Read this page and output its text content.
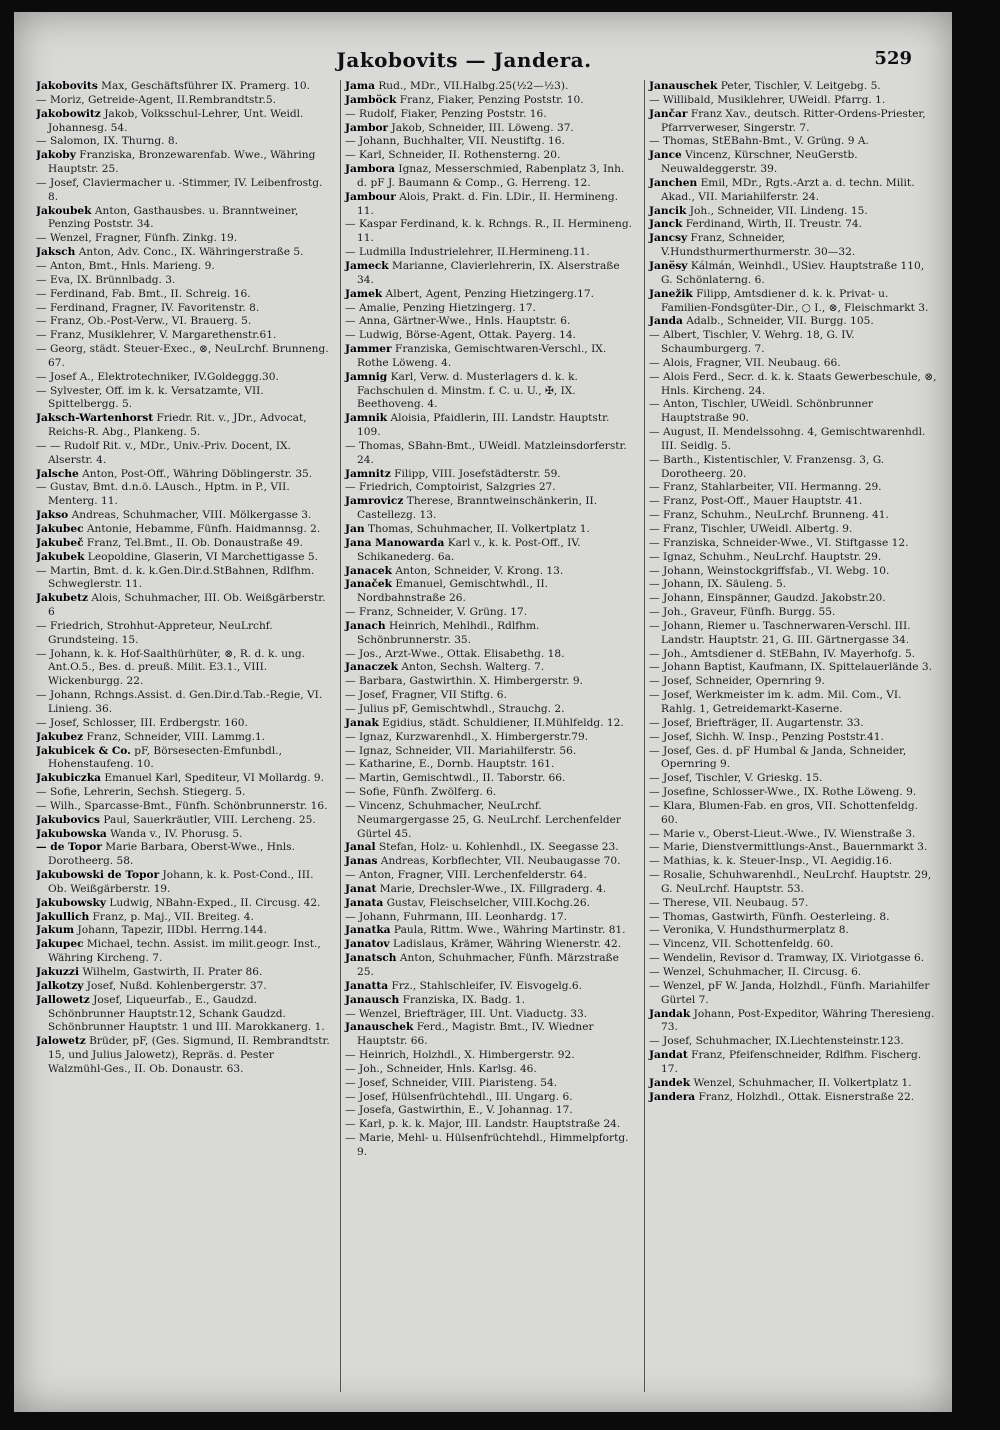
Jakobovits — Jandera.	529

Jakobovits Max, Geschäftsführer IX. Pramerg. 10.

— Moriz, Getreide-Agent, II.Rembrandtstr.5.

Jakobowitz Jakob, Volksschul-Lehrer, Unt. Weidl. Johannesg. 54.

— Salomon, IX. Thurng. 8.

Jakoby Franziska, Bronzewarenfab. Wwe., Währing Hauptstr. 25.

— Josef, Claviermacher u. -Stimmer, IV. Leibenfrostg. 8.

Jakoubek Anton, Gasthausbes. u. Branntweiner, Penzing Poststr. 34.

— Wenzel, Fragner, Fünfh. Zinkg. 19.

Jaksch Anton, Adv. Conc., IX. Währingerstraße 5.

— Anton, Bmt., Hnls. Marieng. 9.

— Eva, IX. Brünnlbadg. 3.

— Ferdinand, Fab. Bmt., II. Schreig. 16.

— Ferdinand, Fragner, IV. Favoritenstr. 8.

— Franz, Ob.-Post-Verw., VI. Brauerg. 5.

— Franz, Musiklehrer, V. Margarethenstr.61.

— Georg, städt. Steuer-Exec., ⊗, NeuLrchf. Brunneng. 67.

— Josef A., Elektrotechniker, IV.Goldeggg.30.

— Sylvester, Off. im k. k. Versatzamte, VII. Spittelbergg. 5.

Jaksch-Wartenhorst Friedr. Rit. v., JDr., Advocat, Reichs-R. Abg., Plankeng. 5.

— — Rudolf Rit. v., MDr., Univ.-Priv. Docent, IX. Alserstr. 4.

Jalsche Anton, Post-Off., Währing Döblingerstr. 35.

— Gustav, Bmt. d.n.ö. LAusch., Hptm. in P., VII. Menterg. 11.

Jakso Andreas, Schuhmacher, VIII. Mölkergasse 3.

Jakubec Antonie, Hebamme, Fünfh. Haidmannsg. 2.

Jakubeč Franz, Tel.Bmt., II. Ob. Donaustraße 49.

Jakubek Leopoldine, Glaserin, VI Marchettigasse 5.

— Martin, Bmt. d. k. k.Gen.Dir.d.StBahnen, Rdlfhm. Schweglerstr. 11.

Jakubetz Alois, Schuhmacher, III. Ob. Weißgärberstr. 6

— Friedrich, Strohhut-Appreteur, NeuLrchf. Grundsteing. 15.

— Johann, k. k. Hof-Saalthürhüter, ⊗, R. d. k. ung. Ant.O.5., Bes. d. preuß. Milit. E3.1., VIII. Wickenburgg. 22.

— Johann, Rchngs.Assist. d. Gen.Dir.d.Tab.-Regie, VI. Linieng. 36.

— Josef, Schlosser, III. Erdbergstr. 160.

Jakubez Franz, Schneider, VIII. Lammg.1.

Jakubicek & Co. pF, Börsesecten-Emfunbdl., Hohenstaufeng. 10.

Jakubiczka Emanuel Karl, Spediteur, VI Mollardg. 9.

— Sofie, Lehrerin, Sechsh. Stiegerg. 5.

— Wilh., Sparcasse-Bmt., Fünfh. Schönbrunnerstr. 16.

Jakubovics Paul, Sauerkräutler, VIII. Lercheng. 25.

Jakubowska Wanda v., IV. Phorusg. 5.

— de Topor Marie Barbara, Oberst-Wwe., Hnls. Dorotheerg. 58.

Jakubowski de Topor Johann, k. k. Post-Cond., III. Ob. Weißgärberstr. 19.

Jakubowsky Ludwig, NBahn-Exped., II. Circusg. 42.

Jakullich Franz, p. Maj., VII. Breiteg. 4.

Jakum Johann, Tapezir, IIDbl. Herrng.144.

Jakupec Michael, techn. Assist. im milit.geogr. Inst., Währing Kircheng. 7.

Jakuzzi Wilhelm, Gastwirth, II. Prater 86.

Jalkotzy Josef, Nußd. Kohlenbergerstr. 37.

Jallowetz Josef, Liqueurfab., E., Gaudzd. Schönbrunner Hauptstr.12, Schank Gaudzd. Schönbrunner Hauptstr. 1 und III. Marokkanerg. 1.

Jalowetz Brüder, pF, (Ges. Sigmund, II. Rembrandtstr. 15, und Julius Jalowetz), Repräs. d. Pester Walzmühl-Ges., II. Ob. Donaustr. 63.

Jama Rud., MDr., VII.Halbg.25(½2—½3).

Jamböck Franz, Fiaker, Penzing Poststr. 10.

— Rudolf, Fiaker, Penzing Poststr. 16.

Jambor Jakob, Schneider, III. Löweng. 37.

— Johann, Buchhalter, VII. Neustiftg. 16.

— Karl, Schneider, II. Rothensterng. 20.

Jambora Ignaz, Messerschmied, Rabenplatz 3, Inh. d. pF J. Baumann & Comp., G. Herreng. 12.

Jambour Alois, Prakt. d. Fin. LDir., II. Hermineng. 11.

— Kaspar Ferdinand, k. k. Rchngs. R., II. Hermineng. 11.

— Ludmilla Industrielehrer, II.Hermineng.11.

Jameck Marianne, Clavierlehrerin, IX. Alserstraße 34.

Jamek Albert, Agent, Penzing Hietzingerg.17.

— Amalie, Penzing Hietzingerg. 17.

— Anna, Gärtner-Wwe., Hnls. Hauptstr. 6.

— Ludwig, Börse-Agent, Ottak. Payerg. 14.

Jammer Franziska, Gemischtwaren-Verschl., IX. Rothe Löweng. 4.

Jamnig Karl, Verw. d. Musterlagers d. k. k. Fachschulen d. Minstm. f. C. u. U., ✠, IX. Beethoveng. 4.

Jamnik Aloisia, Pfaidlerin, III. Landstr. Hauptstr. 109.

— Thomas, SBahn-Bmt., UWeidl. Matzleinsdorferstr. 24.

Jamnitz Filipp, VIII. Josefstädterstr. 59.

— Friedrich, Comptoirist, Salzgries 27.

Jamrovicz Therese, Branntweinschänkerin, II. Castellezg. 13.

Jan Thomas, Schuhmacher, II. Volkertplatz 1.

Jana Manowarda Karl v., k. k. Post-Off., IV. Schikanederg. 6a.

Janacek Anton, Schneider, V. Krong. 13.

Janaček Emanuel, Gemischtwhdl., II. Nordbahnstraße 26.

— Franz, Schneider, V. Grüng. 17.

Janach Heinrich, Mehlhdl., Rdlfhm. Schönbrunnerstr. 35.

— Jos., Arzt-Wwe., Ottak. Elisabethg. 18.

Janaczek Anton, Sechsh. Walterg. 7.

— Barbara, Gastwirthin. X. Himbergerstr. 9.

— Josef, Fragner, VII Stiftg. 6.

— Julius pF, Gemischtwhdl., Strauchg. 2.

Janak Egidius, städt. Schuldiener, II.Mühlfeldg. 12.

— Ignaz, Kurzwarenhdl., X. Himbergerstr.79.

— Ignaz, Schneider, VII. Mariahilferstr. 56.

— Katharine, E., Dornb. Hauptstr. 161.

— Martin, Gemischtwdl., II. Taborstr. 66.

— Sofie, Fünfh. Zwölferg. 6.

— Vincenz, Schuhmacher, NeuLrchf. Neumargergasse 25, G. NeuLrchf. Lerchenfelder Gürtel 45.

Janal Stefan, Holz- u. Kohlenhdl., IX. Seegasse 23.

Janas Andreas, Korbflechter, VII. Neubaugasse 70.

— Anton, Fragner, VIII. Lerchenfelderstr. 64.

Janat Marie, Drechsler-Wwe., IX. Fillgraderg. 4.

Janata Gustav, Fleischselcher, VIII.Kochg.26.

— Johann, Fuhrmann, III. Leonhardg. 17.

Janatka Paula, Rittm. Wwe., Währing Martinstr. 81.

Janatov Ladislaus, Krämer, Währing Wienerstr. 42.

Janatsch Anton, Schuhmacher, Fünfh. Märzstraße 25.

Janatta Frz., Stahlschleifer, IV. Eisvogelg.6.

Janausch Franziska, IX. Badg. 1.

— Wenzel, Briefträger, III. Unt. Viaductg. 33.

Janauschek Ferd., Magistr. Bmt., IV. Wiedner Hauptstr. 66.

— Heinrich, Holzhdl., X. Himbergerstr. 92.

— Joh., Schneider, Hnls. Karlsg. 46.

— Josef, Schneider, VIII. Piaristeng. 54.

— Josef, Hülsenfrüchtehdl., III. Ungarg. 6.

— Josefa, Gastwirthin, E., V. Johannag. 17.

— Karl, p. k. k. Major, III. Landstr. Hauptstraße 24.

— Marie, Mehl- u. Hülsenfrüchtehdl., Himmelpfortg. 9.

Janauschek Peter, Tischler, V. Leitgebg. 5.

— Willibald, Musiklehrer, UWeidl. Pfarrg. 1.

Jančar Franz Xav., deutsch. Ritter-Ordens-Priester, Pfarrverweser, Singerstr. 7.

— Thomas, StEBahn-Bmt., V. Grüng. 9 A.

Jance Vincenz, Kürschner, NeuGerstb. Neuwaldeggerstr. 39.

Janchen Emil, MDr., Rgts.-Arzt a. d. techn. Milit. Akad., VII. Mariahilferstr. 24.

Jancik Joh., Schneider, VII. Lindeng. 15.

Janck Ferdinand, Wirth, II. Treustr. 74.

Jancsy Franz, Schneider, V.Hundsthurmerthurmerstr. 30—32.

Janësy Kálmán, Weinhdl., USiev. Hauptstraße 110, G. Schönlaterng. 6.

Janežik Filipp, Amtsdiener d. k. k. Privat- u. Familien-Fondsgüter-Dir., ○ I., ⊗, Fleischmarkt 3.

Janda Adalb., Schneider, VII. Burgg. 105.

— Albert, Tischler, V. Wehrg. 18, G. IV. Schaumburgerg. 7.

— Alois, Fragner, VII. Neubaug. 66.

— Alois Ferd., Secr. d. k. k. Staats Gewerbeschule, ⊗, Hnls. Kircheng. 24.

— Anton, Tischler, UWeidl. Schönbrunner Hauptstraße 90.

— August, II. Mendelssohng. 4, Gemischtwarenhdl. III. Seidlg. 5.

— Barth., Kistentischler, V. Franzensg. 3, G. Dorotheerg. 20.

— Franz, Stahlarbeiter, VII. Hermanng. 29.

— Franz, Post-Off., Mauer Hauptstr. 41.

— Franz, Schuhm., NeuLrchf. Brunneng. 41.

— Franz, Tischler, UWeidl. Albertg. 9.

— Franziska, Schneider-Wwe., VI. Stiftgasse 12.

— Ignaz, Schuhm., NeuLrchf. Hauptstr. 29.

— Johann, Weinstockgriffsfab., VI. Webg. 10.

— Johann, IX. Säuleng. 5.

— Johann, Einspänner, Gaudzd. Jakobstr.20.

— Joh., Graveur, Fünfh. Burgg. 55.

— Johann, Riemer u. Taschnerwaren-Verschl. III. Landstr. Hauptstr. 21, G. III. Gärtnergasse 34.

— Joh., Amtsdiener d. StEBahn, IV. Mayerhofg. 5.

— Johann Baptist, Kaufmann, IX. Spittelauerlände 3.

— Josef, Schneider, Opernring 9.

— Josef, Werkmeister im k. adm. Mil. Com., VI. Rahlg. 1, Getreidemarkt-Kaserne.

— Josef, Briefträger, II. Augartenstr. 33.

— Josef, Sichh. W. Insp., Penzing Poststr.41.

— Josef, Ges. d. pF Humbal & Janda, Schneider, Opernring 9.

— Josef, Tischler, V. Grieskg. 15.

— Josefine, Schlosser-Wwe., IX. Rothe Löweng. 9.

— Klara, Blumen-Fab. en gros, VII. Schottenfeldg. 60.

— Marie v., Oberst-Lieut.-Wwe., IV. Wienstraße 3.

— Marie, Dienstvermittlungs-Anst., Bauernmarkt 3.

— Mathias, k. k. Steuer-Insp., VI. Aegidig.16.

— Rosalie, Schuhwarenhdl., NeuLrchf. Hauptstr. 29, G. NeuLrchf. Hauptstr. 53.

— Therese, VII. Neubaug. 57.

— Thomas, Gastwirth, Fünfh. Oesterleing. 8.

— Veronika, V. Hundsthurmerplatz 8.

— Vincenz, VII. Schottenfeldg. 60.

— Wendelin, Revisor d. Tramway, IX. Viriotgasse 6.

— Wenzel, Schuhmacher, II. Circusg. 6.

— Wenzel, pF W. Janda, Holzhdl., Fünfh. Mariahilfer Gürtel 7.

Jandak Johann, Post-Expeditor, Währing Theresieng. 73.

— Josef, Schuhmacher, IX.Liechtensteinstr.123.

Jandat Franz, Pfeifenschneider, Rdlfhm. Fischerg. 17.

Jandek Wenzel, Schuhmacher, II. Volkertplatz 1.

Jandera Franz, Holzhdl., Ottak. Eisnerstraße 22.
